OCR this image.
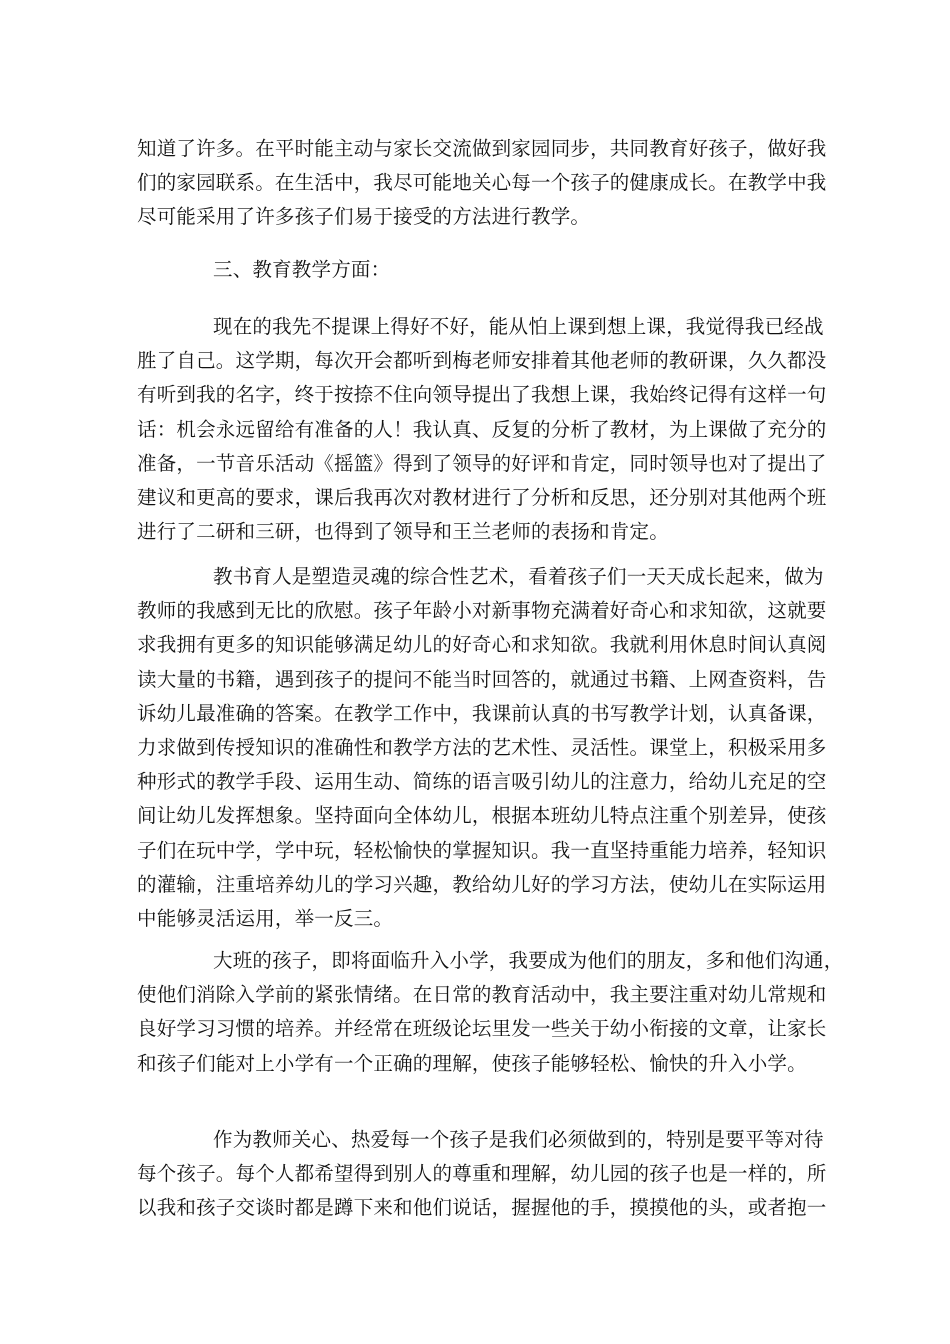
知道了许多。在平时能主动与家长交流做到家园同步，共同教育好孩子，做好我
们的家园联系。在生活中，我尽可能地关心每一个孩子的健康成长。在教学中我
尽可能采用了许多孩子们易于接受的方法进行教学。
三、教育教学方面：
现在的我先不提课上得好不好，能从怕上课到想上课，我觉得我已经战
胜了自己。这学期，每次开会都听到梅老师安排着其他老师的教研课，久久都没
有听到我的名字，终于按捺不住向领导提出了我想上课，我始终记得有这样一句
话：机会永远留给有准备的人！我认真、反复的分析了教材，为上课做了充分的
准备，一节音乐活动《摇篮》得到了领导的好评和肯定，同时领导也对了提出了
建议和更高的要求，课后我再次对教材进行了分析和反思，还分别对其他两个班
进行了二研和三研，也得到了领导和王兰老师的表扬和肯定。
教书育人是塑造灵魂的综合性艺术，看着孩子们一天天成长起来，做为
教师的我感到无比的欣慰。孩子年龄小对新事物充满着好奇心和求知欲，这就要
求我拥有更多的知识能够满足幼儿的好奇心和求知欲。我就利用休息时间认真阅
读大量的书籍，遇到孩子的提问不能当时回答的，就通过书籍、上网查资料，告
诉幼儿最准确的答案。在教学工作中，我课前认真的书写教学计划，认真备课，
力求做到传授知识的准确性和教学方法的艺术性、灵活性。课堂上，积极采用多
种形式的教学手段、运用生动、简练的语言吸引幼儿的注意力，给幼儿充足的空
间让幼儿发挥想象。坚持面向全体幼儿，根据本班幼儿特点注重个别差异，使孩
子们在玩中学，学中玩，轻松愉快的掌握知识。我一直坚持重能力培养，轻知识
的灌输，注重培养幼儿的学习兴趣，教给幼儿好的学习方法，使幼儿在实际运用
中能够灵活运用，举一反三。
大班的孩子，即将面临升入小学，我要成为他们的朋友，多和他们沟通，
使他们消除入学前的紧张情绪。在日常的教育活动中，我主要注重对幼儿常规和
良好学习习惯的培养。并经常在班级论坛里发一些关于幼小衔接的文章，让家长
和孩子们能对上小学有一个正确的理解，使孩子能够轻松、愉快的升入小学。
作为教师关心、热爱每一个孩子是我们必须做到的，特别是要平等对待
每个孩子。每个人都希望得到别人的尊重和理解，幼儿园的孩子也是一样的，所
以我和孩子交谈时都是蹲下来和他们说话，握握他的手，摸摸他的头，或者抱一
